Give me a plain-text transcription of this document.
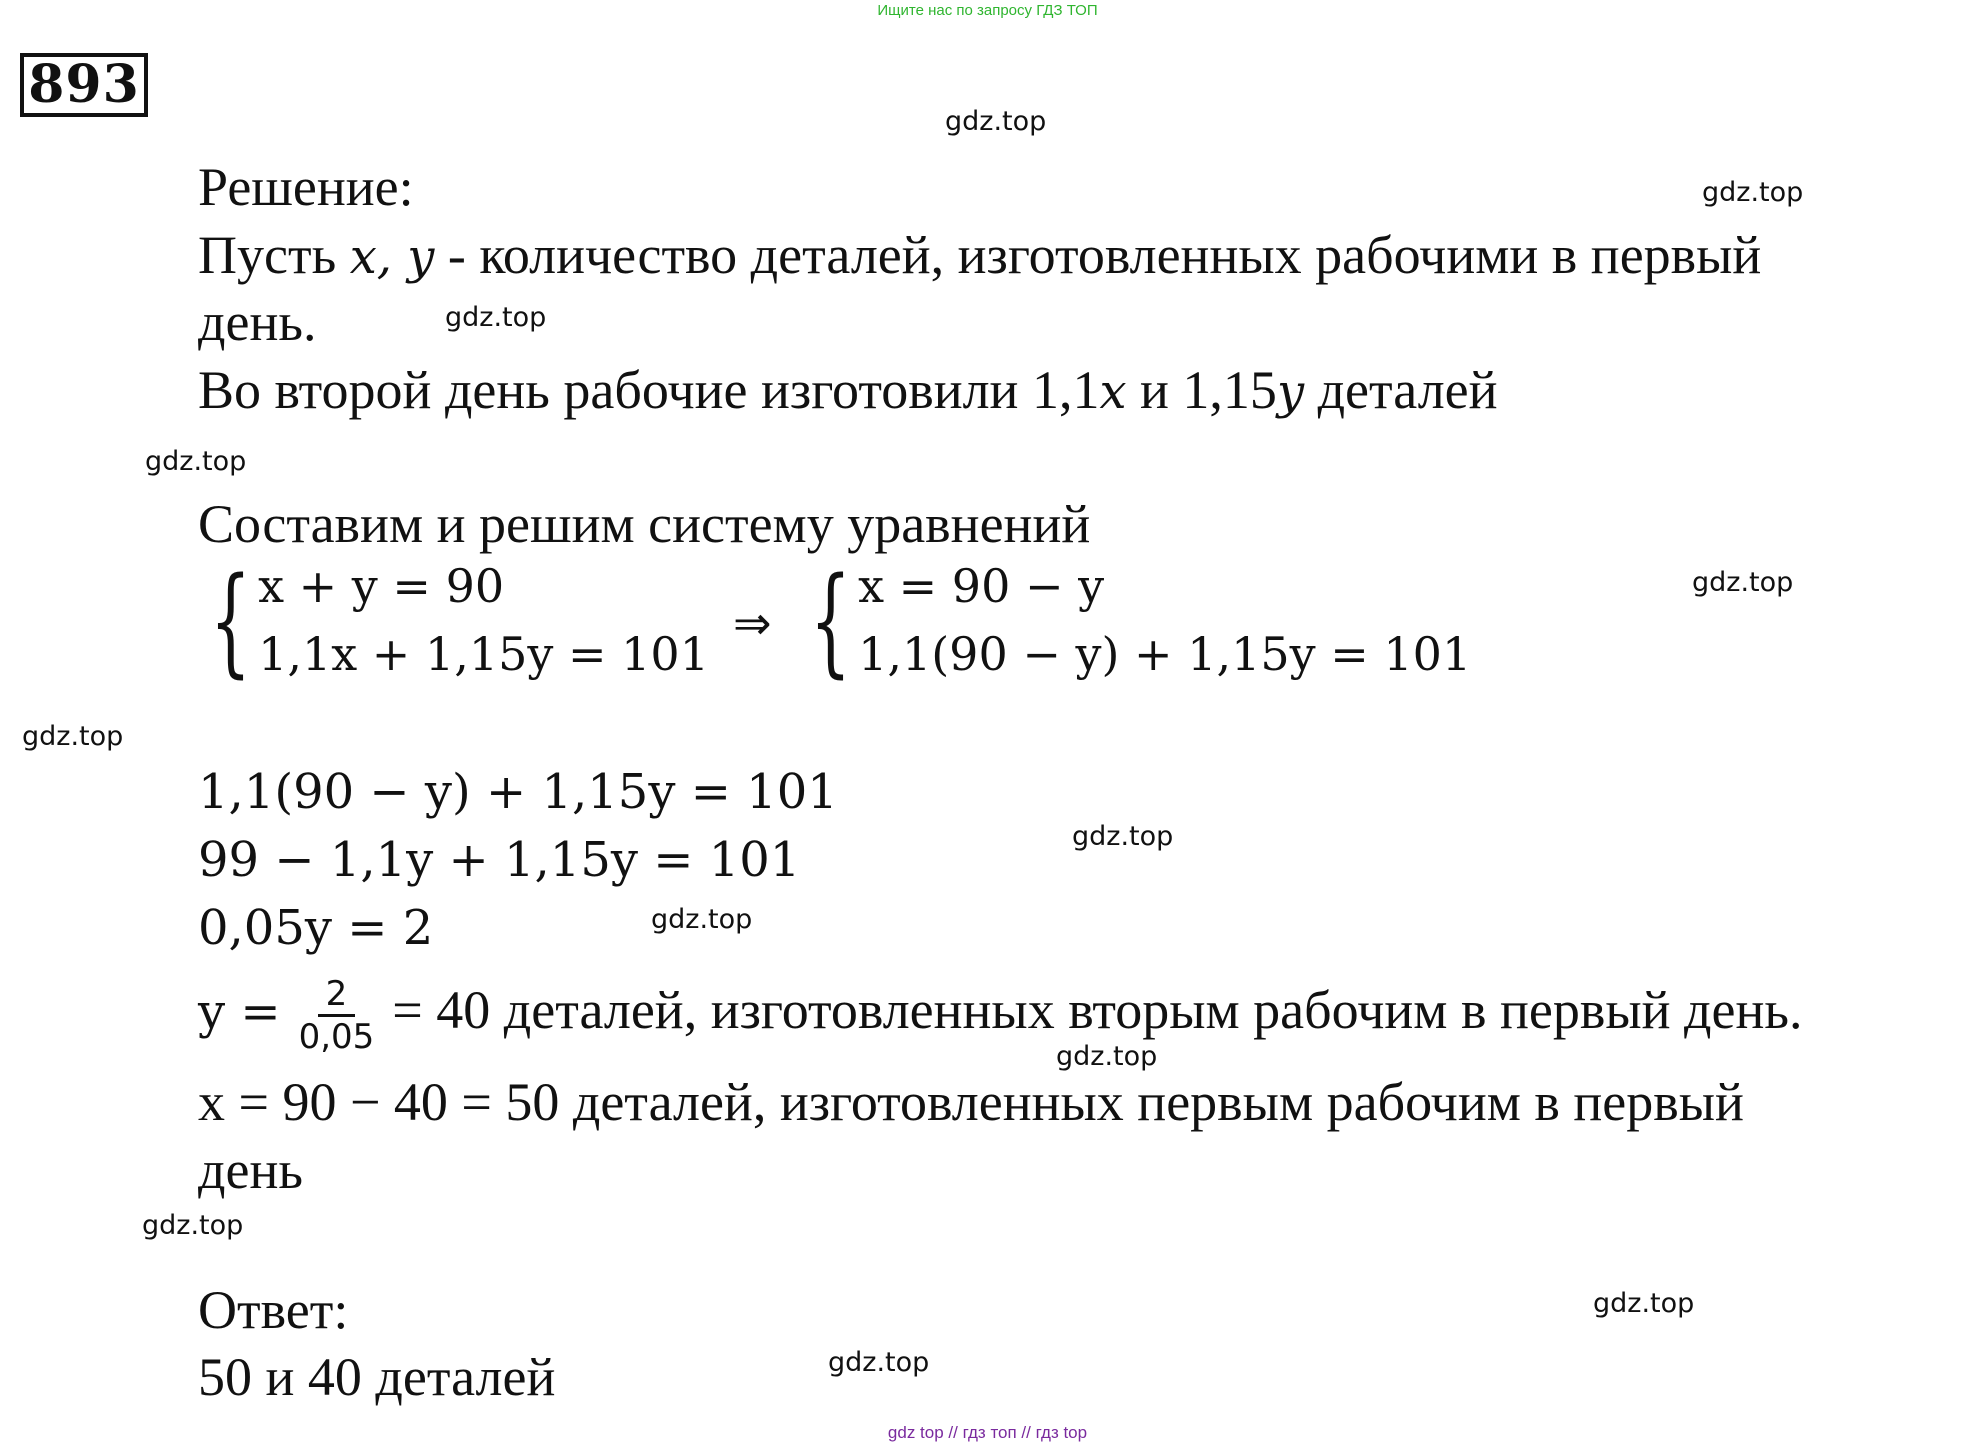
Ищите нас по запросу ГДЗ ТОП
893
gdz.top
gdz.top
gdz.top
gdz.top
gdz.top
gdz.top
gdz.top
gdz.top
gdz.top
gdz.top
gdz.top
gdz.top
Решение:
Пусть x, y - количество деталей, изготовленных рабочими в первый
день.
Во второй день рабочие изготовили 1,1x и 1,15y деталей
Составим и решим систему уравнений
{ x + y = 90
1,1x + 1,15y = 101
⇒ { x = 90 − y
1,1(90 − y) + 1,15y = 101
1,1(90 − y) + 1,15y = 101
99 − 1,1y + 1,15y = 101
0,05y = 2
$y = \frac{2}{0,05} = 40$ деталей, изготовленных вторым рабочим в первый день.
x = 90 − 40 = 50 деталей, изготовленных первым рабочим в первый
день
Ответ:
50 и 40 деталей
gdz top // гдз топ // гдз top
